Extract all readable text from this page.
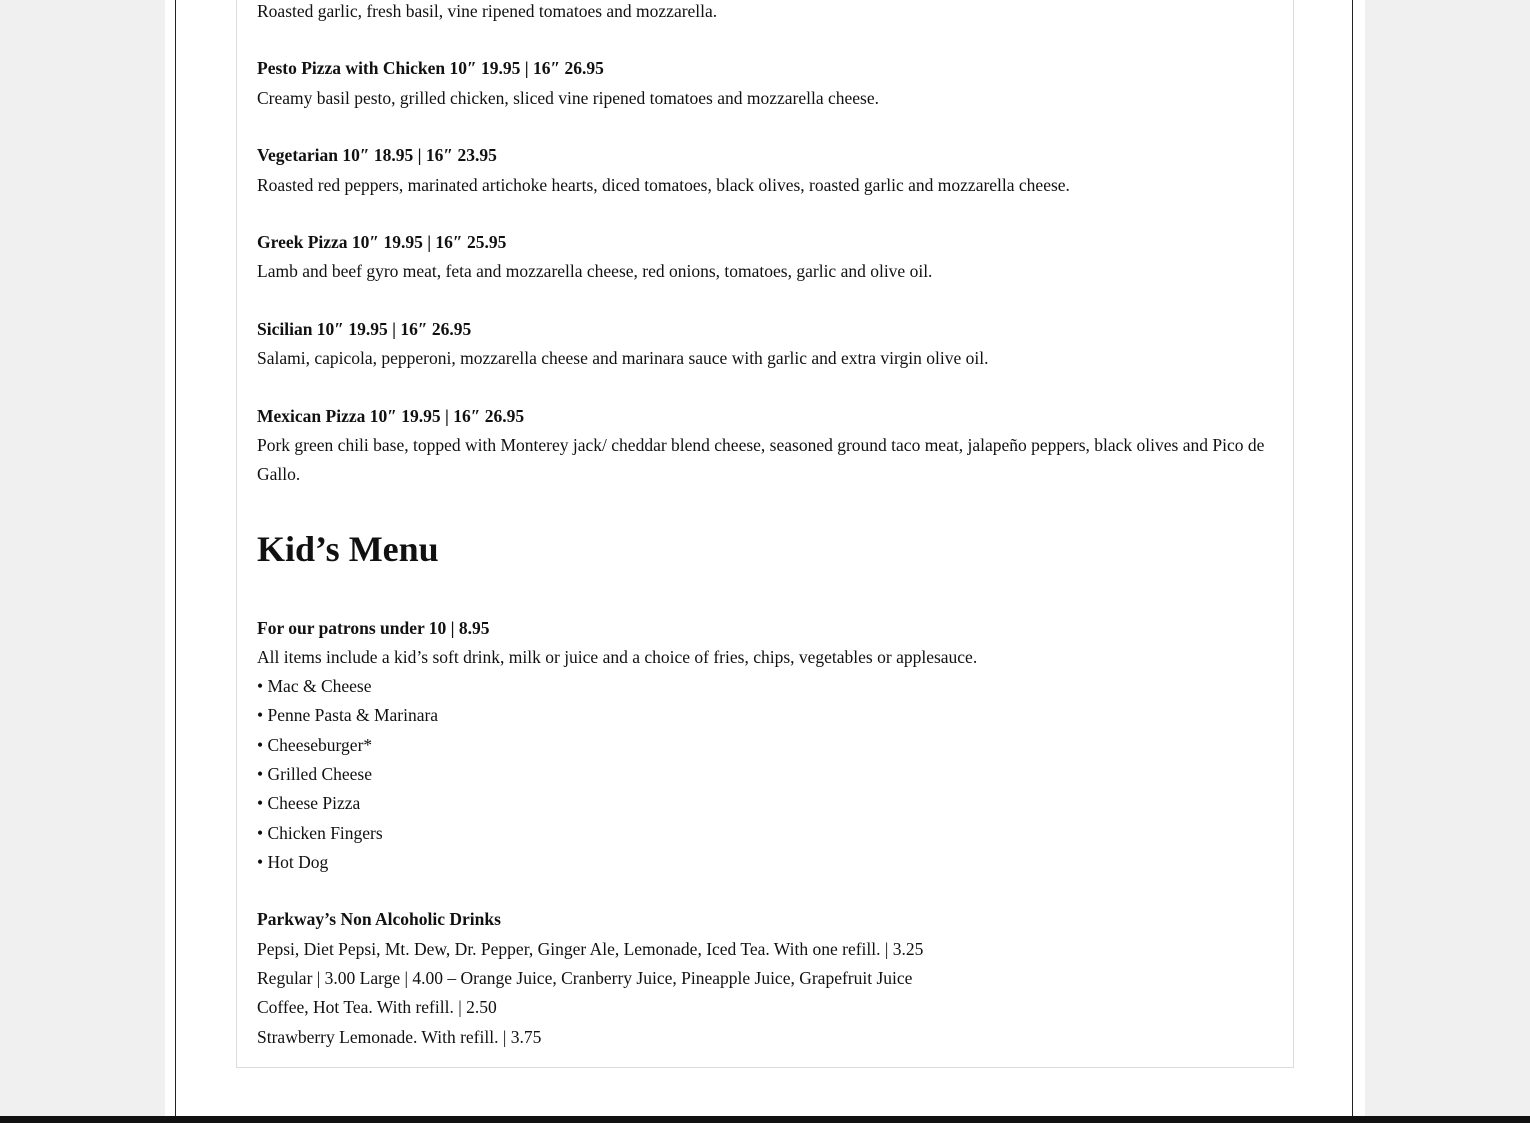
Roasted garlic, fresh basil, vine ripened tomatoes and mozzarella.

Pesto Pizza with Chicken 10″ 19.95 | 16″ 26.95

Creamy basil pesto, grilled chicken, sliced vine ripened tomatoes and mozzarella cheese.

Vegetarian 10″ 18.95 | 16″ 23.95

Roasted red peppers, marinated artichoke hearts, diced tomatoes, black olives, roasted garlic and mozzarella cheese.

Greek Pizza 10″ 19.95 | 16″ 25.95

Lamb and beef gyro meat, feta and mozzarella cheese, red onions, tomatoes, garlic and olive oil.

Sicilian 10″ 19.95 | 16″ 26.95

Salami, capicola, pepperoni, mozzarella cheese and marinara sauce with garlic and extra virgin olive oil.

Mexican Pizza 10″ 19.95 | 16″ 26.95

Pork green chili base, topped with Monterey jack/ cheddar blend cheese, seasoned ground taco meat, jalapeño peppers, black olives and Pico de Gallo.

Kid’s Menu

For our patrons under 10 | 8.95

All items include a kid’s soft drink, milk or juice and a choice of fries, chips, vegetables or applesauce.

• Mac & Cheese

• Penne Pasta & Marinara

• Cheeseburger*

• Grilled Cheese

• Cheese Pizza

• Chicken Fingers

• Hot Dog

Parkway’s Non Alcoholic Drinks

Pepsi, Diet Pepsi, Mt. Dew, Dr. Pepper, Ginger Ale, Lemonade, Iced Tea. With one refill. | 3.25

Regular | 3.00 Large | 4.00 – Orange Juice, Cranberry Juice, Pineapple Juice, Grapefruit Juice

Coffee, Hot Tea. With refill. | 2.50

Strawberry Lemonade. With refill. | 3.75
